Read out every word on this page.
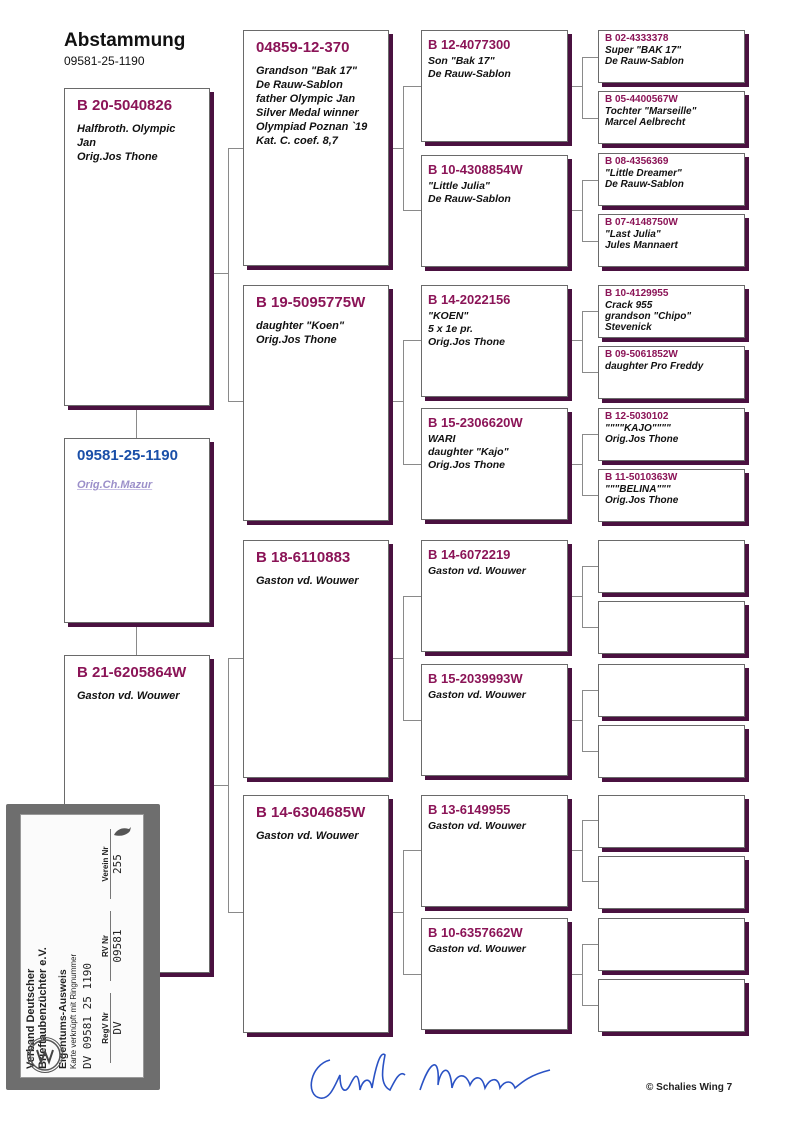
Abstammung
09581-25-1190
B 20-5040826
Halfbroth. Olympic Jan
Orig.Jos Thone
09581-25-1190
Orig.Ch.Mazur
B 21-6205864W
Gaston vd. Wouwer
04859-12-370
Grandson "Bak 17"
De Rauw-Sablon
father Olympic Jan
Silver Medal winner
Olympiad Poznan `19
Kat. C. coef. 8,7
B 19-5095775W
daughter "Koen"
Orig.Jos Thone
B 18-6110883
Gaston vd. Wouwer
B 14-6304685W
Gaston vd. Wouwer
B 12-4077300
Son "Bak 17"
De Rauw-Sablon
B 10-4308854W
"Little Julia"
De Rauw-Sablon
B 14-2022156
"KOEN"
5 x 1e pr.
Orig.Jos Thone
B 15-2306620W
WARI
daughter "Kajo"
Orig.Jos Thone
B 14-6072219
Gaston vd. Wouwer
B 15-2039993W
Gaston vd. Wouwer
B 13-6149955
Gaston vd. Wouwer
B 10-6357662W
Gaston vd. Wouwer
B 02-4333378
Super "BAK 17"
De Rauw-Sablon
B 05-4400567W
Tochter "Marseille"
Marcel Aelbrecht
B 08-4356369
"Little Dreamer"
De Rauw-Sablon
B 07-4148750W
"Last Julia"
Jules Mannaert
B 10-4129955
Crack 955
grandson "Chipo"
Stevenick
B 09-5061852W
daughter Pro Freddy
B 12-5030102
""""KAJO""""
Orig.Jos Thone
B 11-5010363W
"""BELINA"""
Orig.Jos Thone
Verband Deutscher Brieftaubenzüchter e.V. Eigentums-Ausweis Karte verknüpft mit Ringnummer DV 09581 25 1190 RegV Nr DV
RV Nr 09581
Verein Nr 255
© Schalies Wing 7
